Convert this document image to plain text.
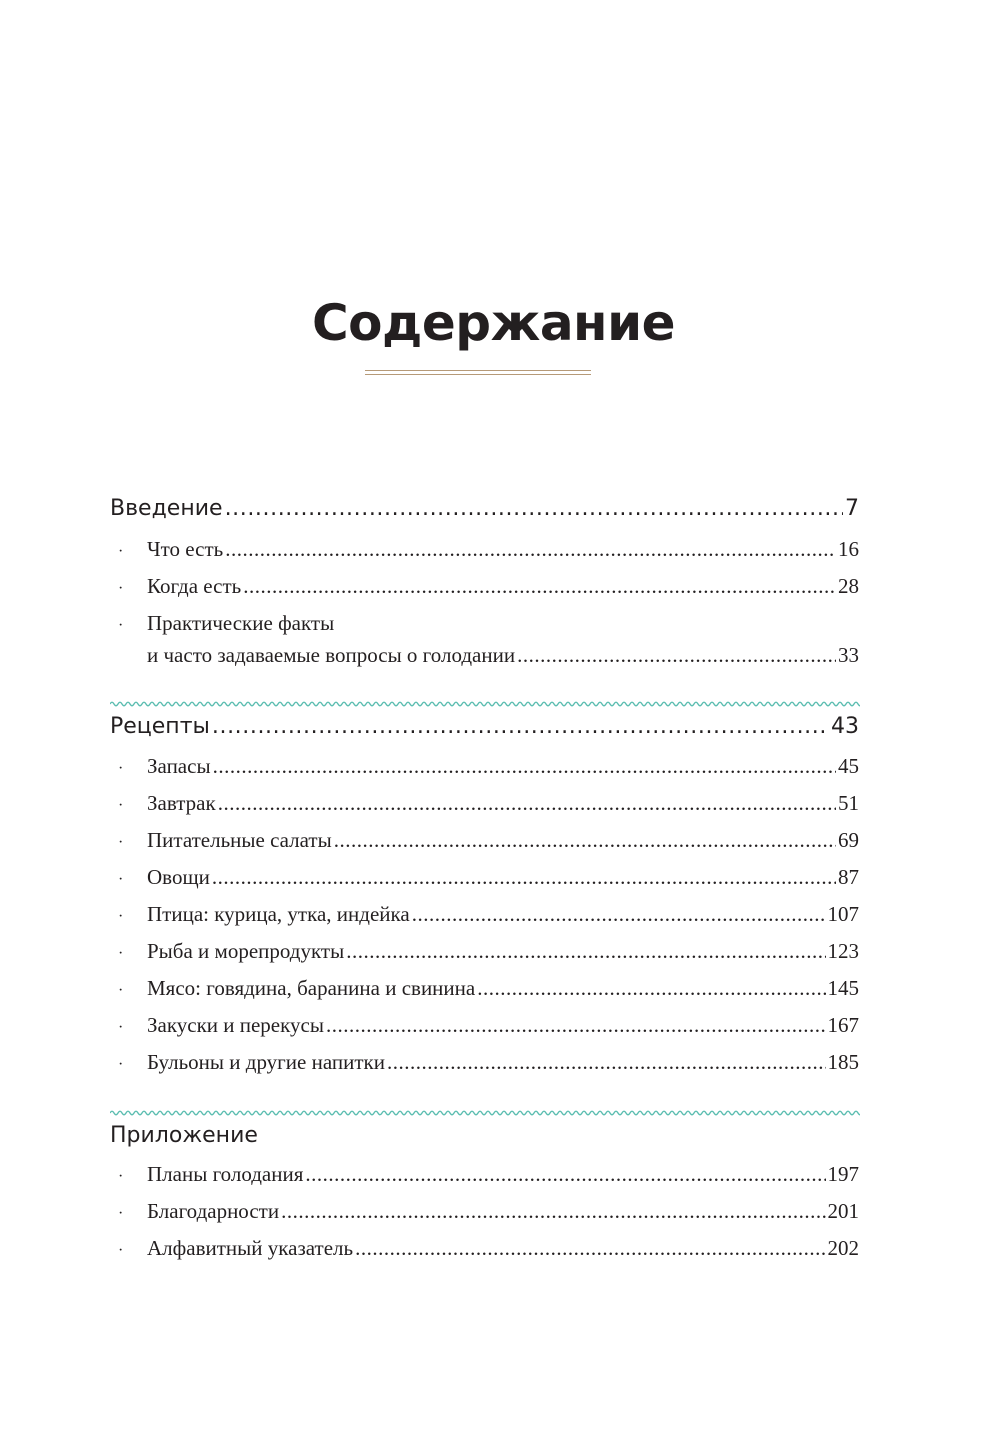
Содержание
Введение .....	7
·	Что есть .....	16
·	Когда есть .....	28
·	Практические факты
и часто задаваемые вопросы о голодании .....	33
Рецепты .....	43
·	Запасы .....	45
·	Завтрак .....	51
·	Питательные салаты .....	69
·	Овощи .....	87
·	Птица: курица, утка, индейка .....	107
·	Рыба и морепродукты .....	123
·	Мясо: говядина, баранина и свинина .....	145
·	Закуски и перекусы .....	167
·	Бульоны и другие напитки .....	185
Приложение
·	Планы голодания .....	197
·	Благодарности .....	201
·	Алфавитный указатель .....	202
